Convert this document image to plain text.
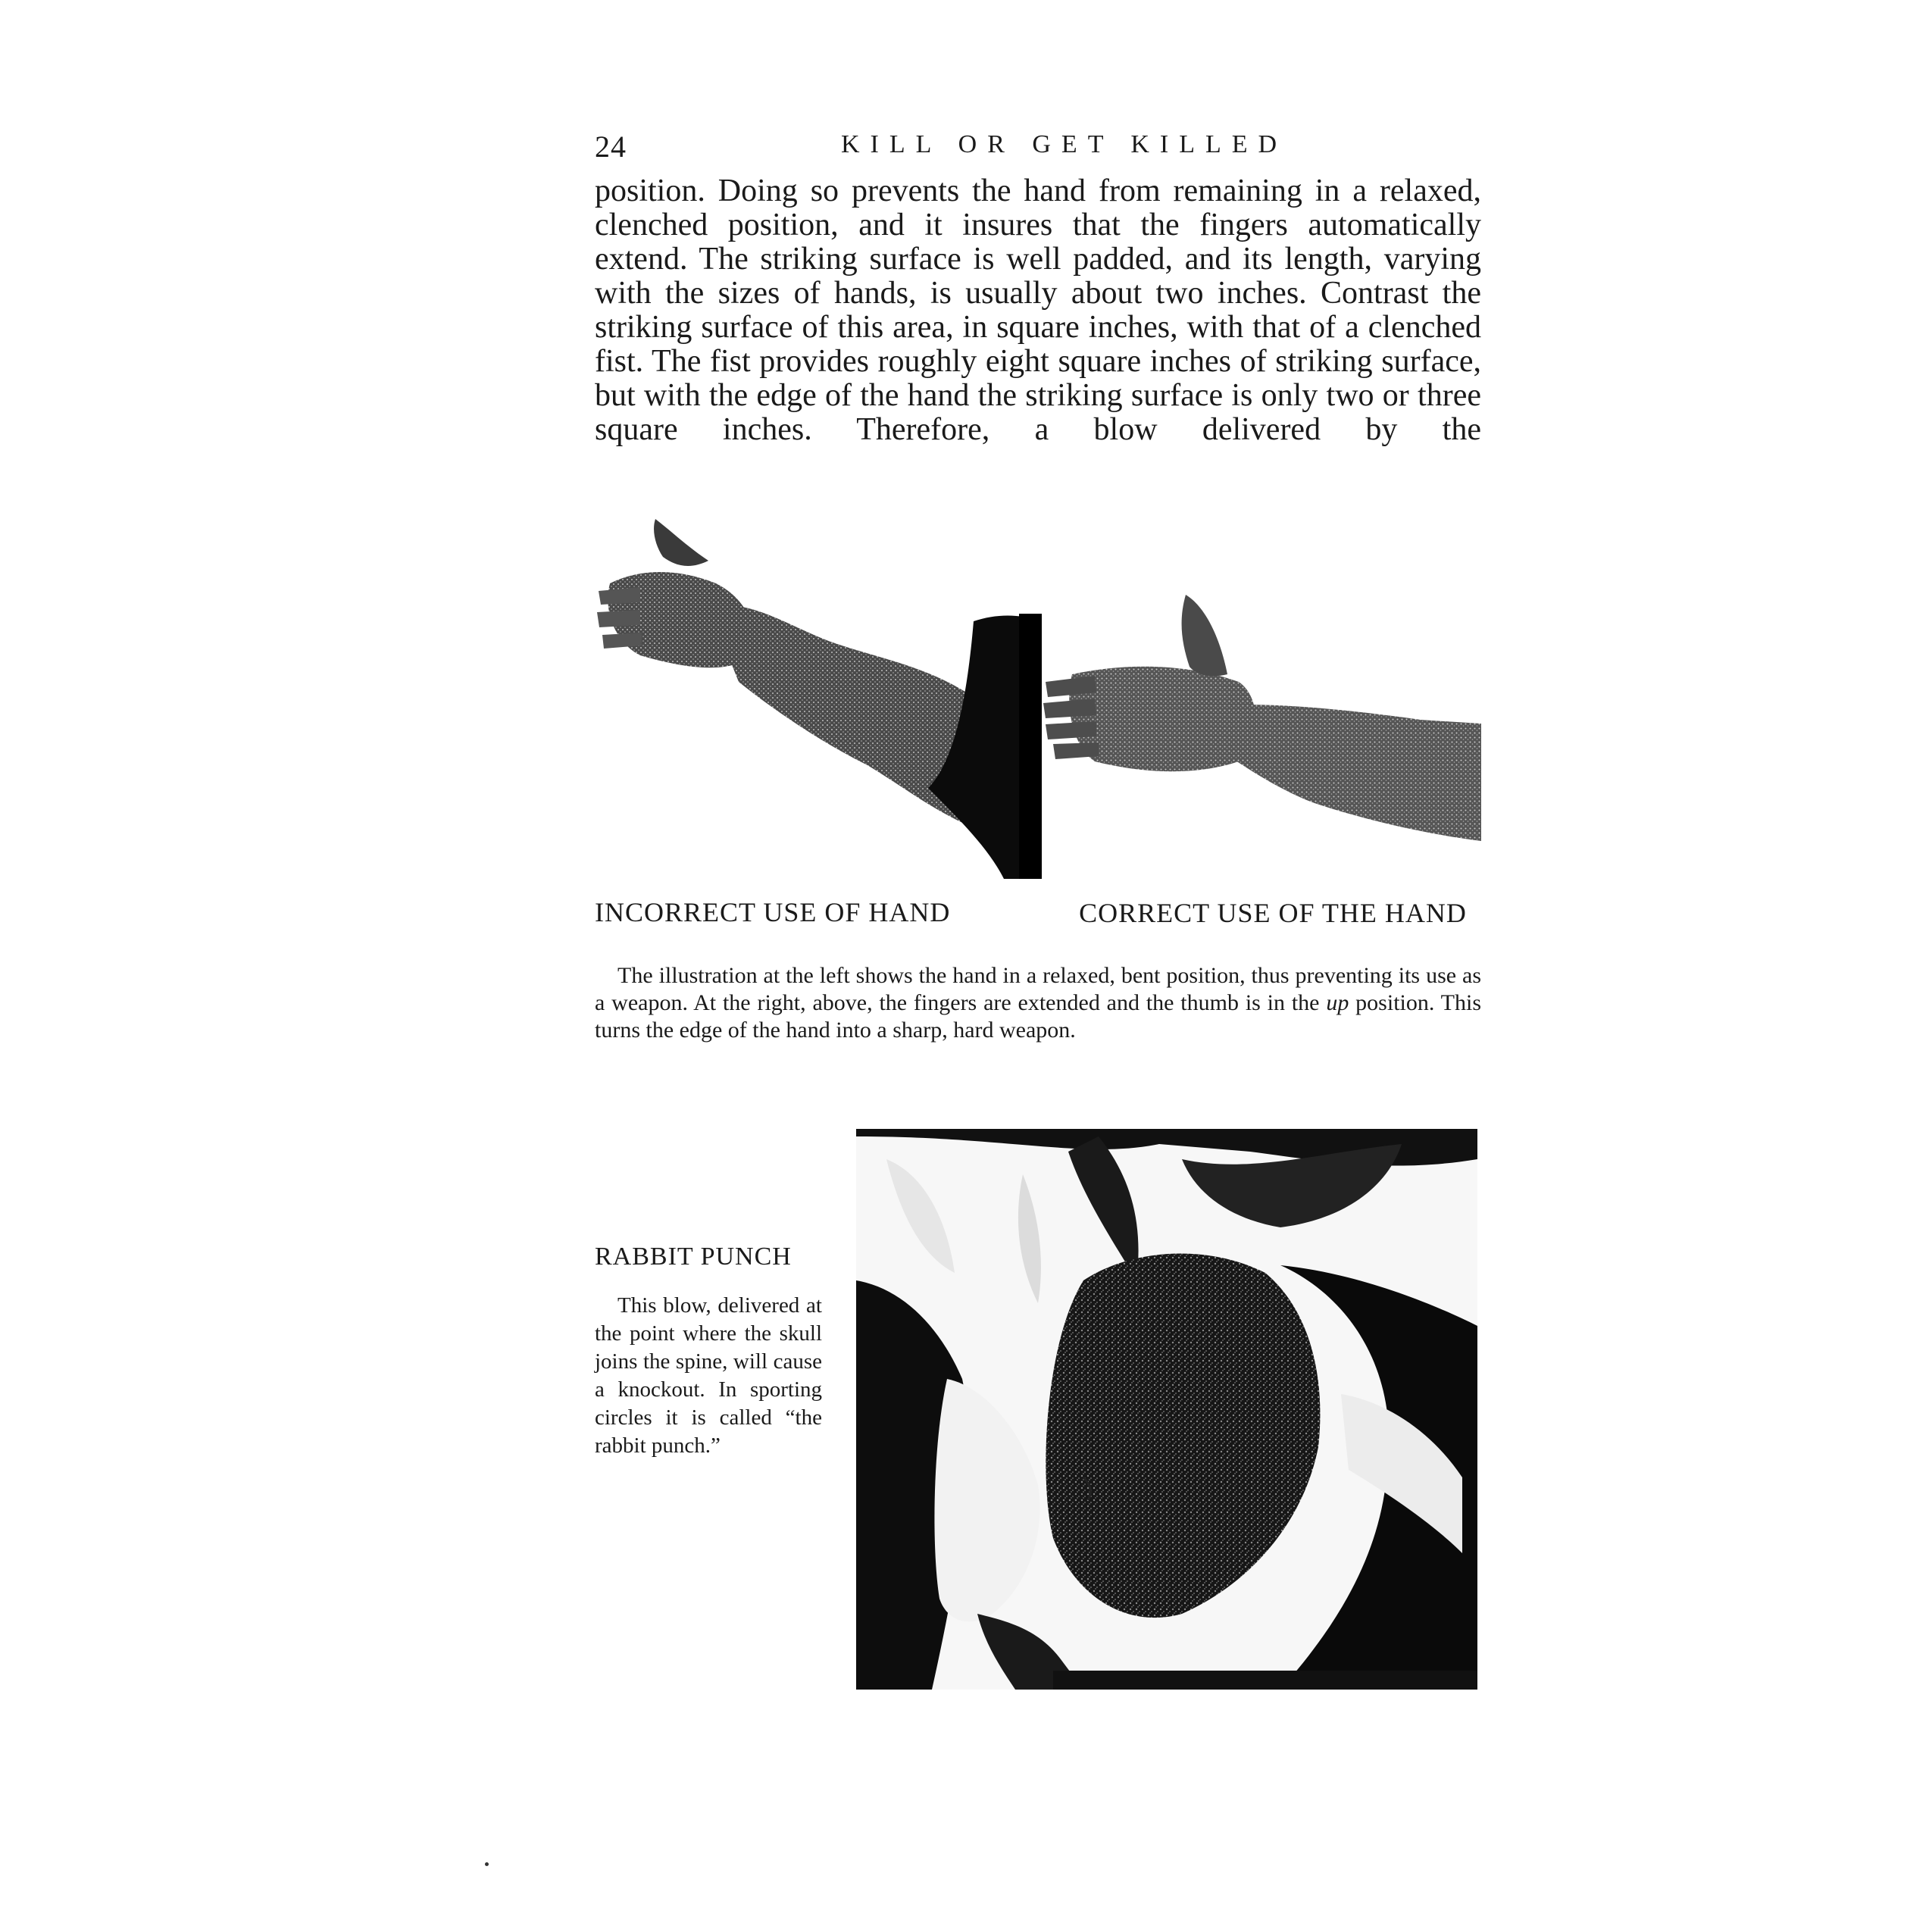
24	KILL OR GET KILLED

position. Doing so prevents the hand from remaining in a relaxed, clenched position, and it insures that the fingers automatically extend. The striking surface is well padded, and its length, varying with the sizes of hands, is usually about two inches. Contrast the striking surface of this area, in square inches, with that of a clenched fist. The fist provides roughly eight square inches of striking surface, but with the edge of the hand the striking surface is only two or three square inches. Therefore, a blow delivered by the

INCORRECT USE OF HAND	CORRECT USE OF THE HAND

The illustration at the left shows the hand in a relaxed, bent position, thus preventing its use as a weapon. At the right, above, the fingers are extended and the thumb is in the up position. This turns the edge of the hand into a sharp, hard weapon.

RABBIT PUNCH

This blow, delivered at the point where the skull joins the spine, will cause a knockout. In sporting circles it is called “the rabbit punch.”
